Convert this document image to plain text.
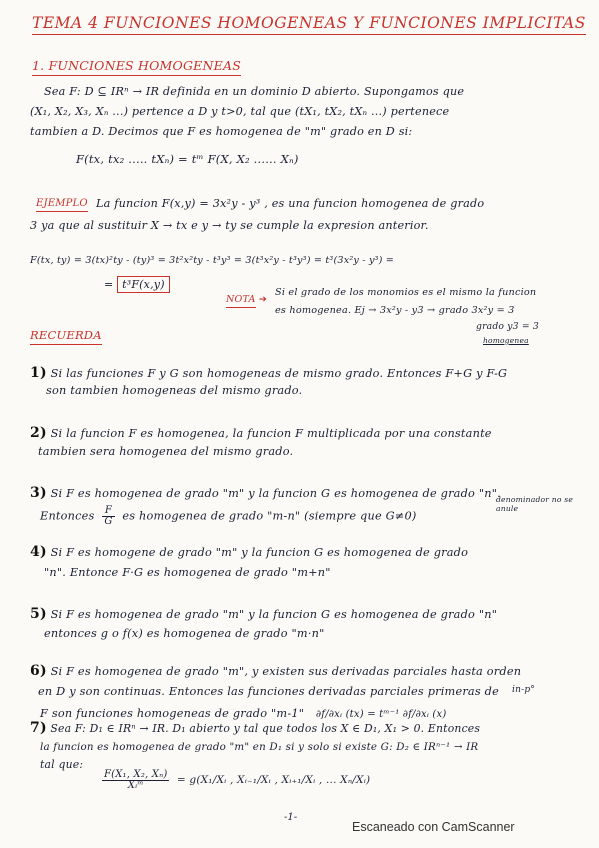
TEMA 4 FUNCIONES HOMOGENEAS Y FUNCIONES IMPLICITAS
1. FUNCIONES HOMOGENEAS
Sea F: D ⊆ IRⁿ → IR definida en un dominio D abierto. Supongamos que
(X₁, X₂, X₃, Xₙ ...) pertence a D y t>0, tal que (tX₁, tX₂, tXₙ ...) pertenece
tambien a D. Decimos que F es homogenea de "m" grado en D si:
F(tx, tx₂ ..... tXₙ) = tᵐ F(X, X₂ ...... Xₙ)
EJEMPLO La funcion F(x,y) = 3x²y - y³ , es una funcion homogenea de grado
3 ya que al sustituir X → tx e y → ty se cumple la expresion anterior.
F(tx, ty) = 3(tx)²ty - (ty)³ = 3t²x²ty - t³y³ = 3(t³x²y - t³y³) = t³(3x²y - y³) =
= t³F(x,y)
NOTA ➔
Si el grado de los monomios es el mismo la funcion
es homogenea. Ej → 3x²y - y3 → grado 3x²y = 3
grado y3 = 3
homogenea
RECUERDA
1) Si las funciones F y G son homogeneas de mismo grado. Entonces F+G y F-G
son tambien homogeneas del mismo grado.
2) Si la funcion F es homogenea, la funcion F multiplicada por una constante
tambien sera homogenea del mismo grado.
3) Si F es homogenea de grado "m" y la funcion G es homogenea de grado "n".
Entonces $\frac{F}{G}$ es homogenea de grado "m-n" (siempre que G≠0)
denominador no se anule
4) Si F es homogene de grado "m" y la funcion G es homogenea de grado
"n". Entonce F·G es homogenea de grado "m+n"
5) Si F es homogenea de grado "m" y la funcion G es homogenea de grado "n"
entonces g o f(x) es homogenea de grado "m·n"
6) Si F es homogenea de grado "m", y existen sus derivadas parciales hasta orden
en D y son continuas. Entonces las funciones derivadas parciales primeras de
F son funciones homogeneas de grado "m-1" ∂f/∂xᵢ (tx) = tᵐ⁻¹ ∂f/∂xᵢ (x)
in-p°
7) Sea F: D₁ ∈ IRⁿ → IR. D₁ abierto y tal que todos los X ∈ D₁, X₁ > 0. Entonces
la funcion es homogenea de grado "m" en D₁ si y solo si existe G: D₂ ∈ IRⁿ⁻¹ → IR
tal que:
$\frac{\text{F(X₁, X₂, Xₙ)}}{\text{Xᵢᵐ}}$ = g(X₁/Xᵢ , Xᵢ₋₁/Xᵢ , Xᵢ₊₁/Xᵢ , ... Xₙ/Xᵢ)
-1-
Escaneado con CamScanner
